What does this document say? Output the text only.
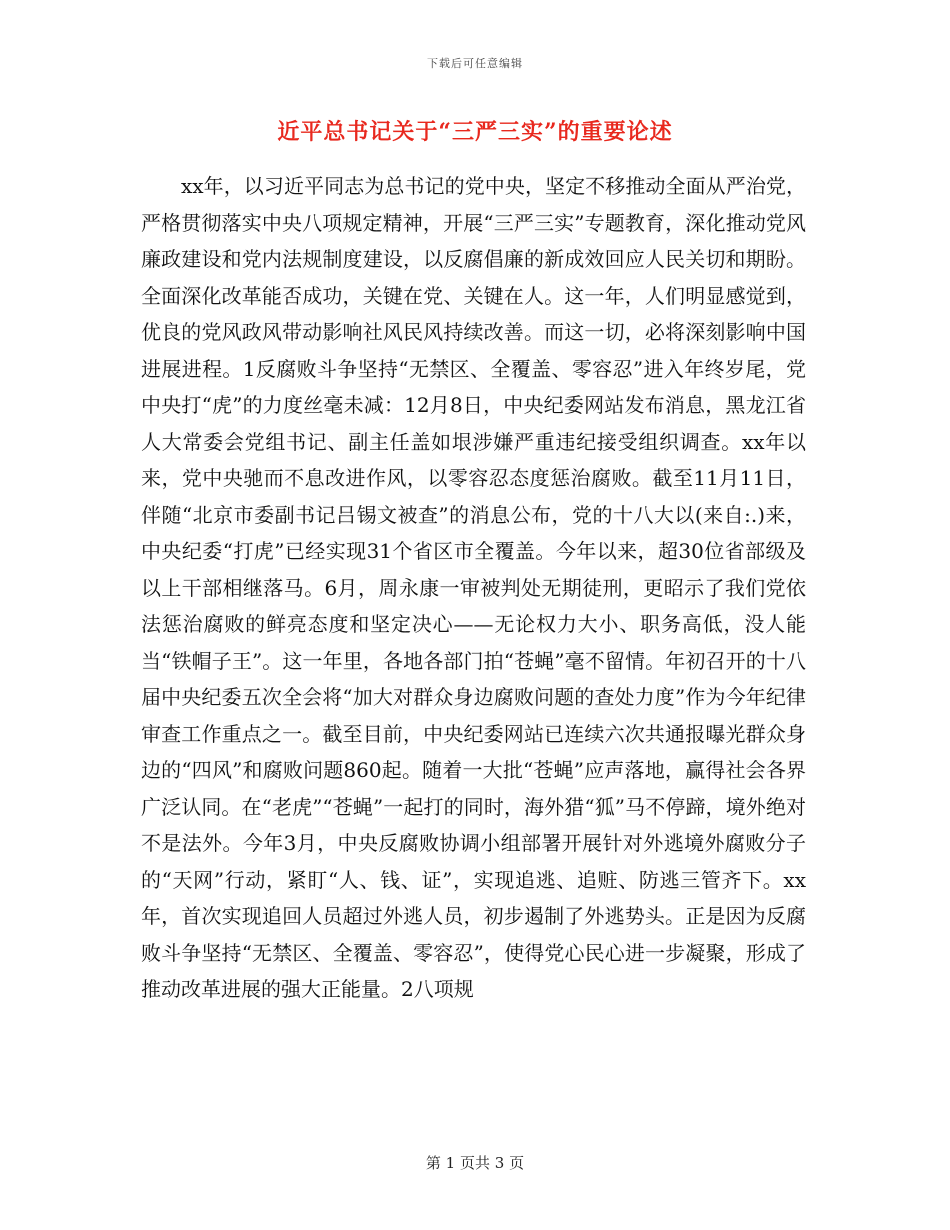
下载后可任意编辑
近平总书记关于“三严三实”的重要论述

xx年，以习近平同志为总书记的党中央，坚定不移推动全面从严治党，严格贯彻落实中央八项规定精神，开展“三严三实”专题教育，深化推动党风廉政建设和党内法规制度建设，以反腐倡廉的新成效回应人民关切和期盼。全面深化改革能否成功，关键在党、关键在人。这一年，人们明显感觉到，优良的党风政风带动影响社风民风持续改善。而这一切，必将深刻影响中国进展进程。1反腐败斗争坚持“无禁区、全覆盖、零容忍”进入年终岁尾，党中央打“虎”的力度丝毫未减：12月8日，中央纪委网站发布消息，黑龙江省人大常委会党组书记、副主任盖如垠涉嫌严重违纪接受组织调查。xx年以来，党中央驰而不息改进作风，以零容忍态度惩治腐败。截至11月11日，伴随“北京市委副书记吕锡文被查”的消息公布，党的十八大以(来自:.)来，中央纪委“打虎”已经实现31个省区市全覆盖。今年以来，超30位省部级及以上干部相继落马。6月，周永康一审被判处无期徒刑，更昭示了我们党依法惩治腐败的鲜亮态度和坚定决心——无论权力大小、职务高低，没人能当“铁帽子王”。这一年里，各地各部门拍“苍蝇”毫不留情。年初召开的十八届中央纪委五次全会将“加大对群众身边腐败问题的查处力度”作为今年纪律审查工作重点之一。截至目前，中央纪委网站已连续六次共通报曝光群众身边的“四风”和腐败问题860起。随着一大批“苍蝇”应声落地，赢得社会各界广泛认同。在“老虎”“苍蝇”一起打的同时，海外猎“狐”马不停蹄，境外绝对不是法外。今年3月，中央反腐败协调小组部署开展针对外逃境外腐败分子的“天网”行动，紧盯“人、钱、证”，实现追逃、追赃、防逃三管齐下。xx年，首次实现追回人员超过外逃人员，初步遏制了外逃势头。正是因为反腐败斗争坚持“无禁区、全覆盖、零容忍”，使得党心民心进一步凝聚，形成了推动改革进展的强大正能量。2八项规

第 1 页共 3 页
